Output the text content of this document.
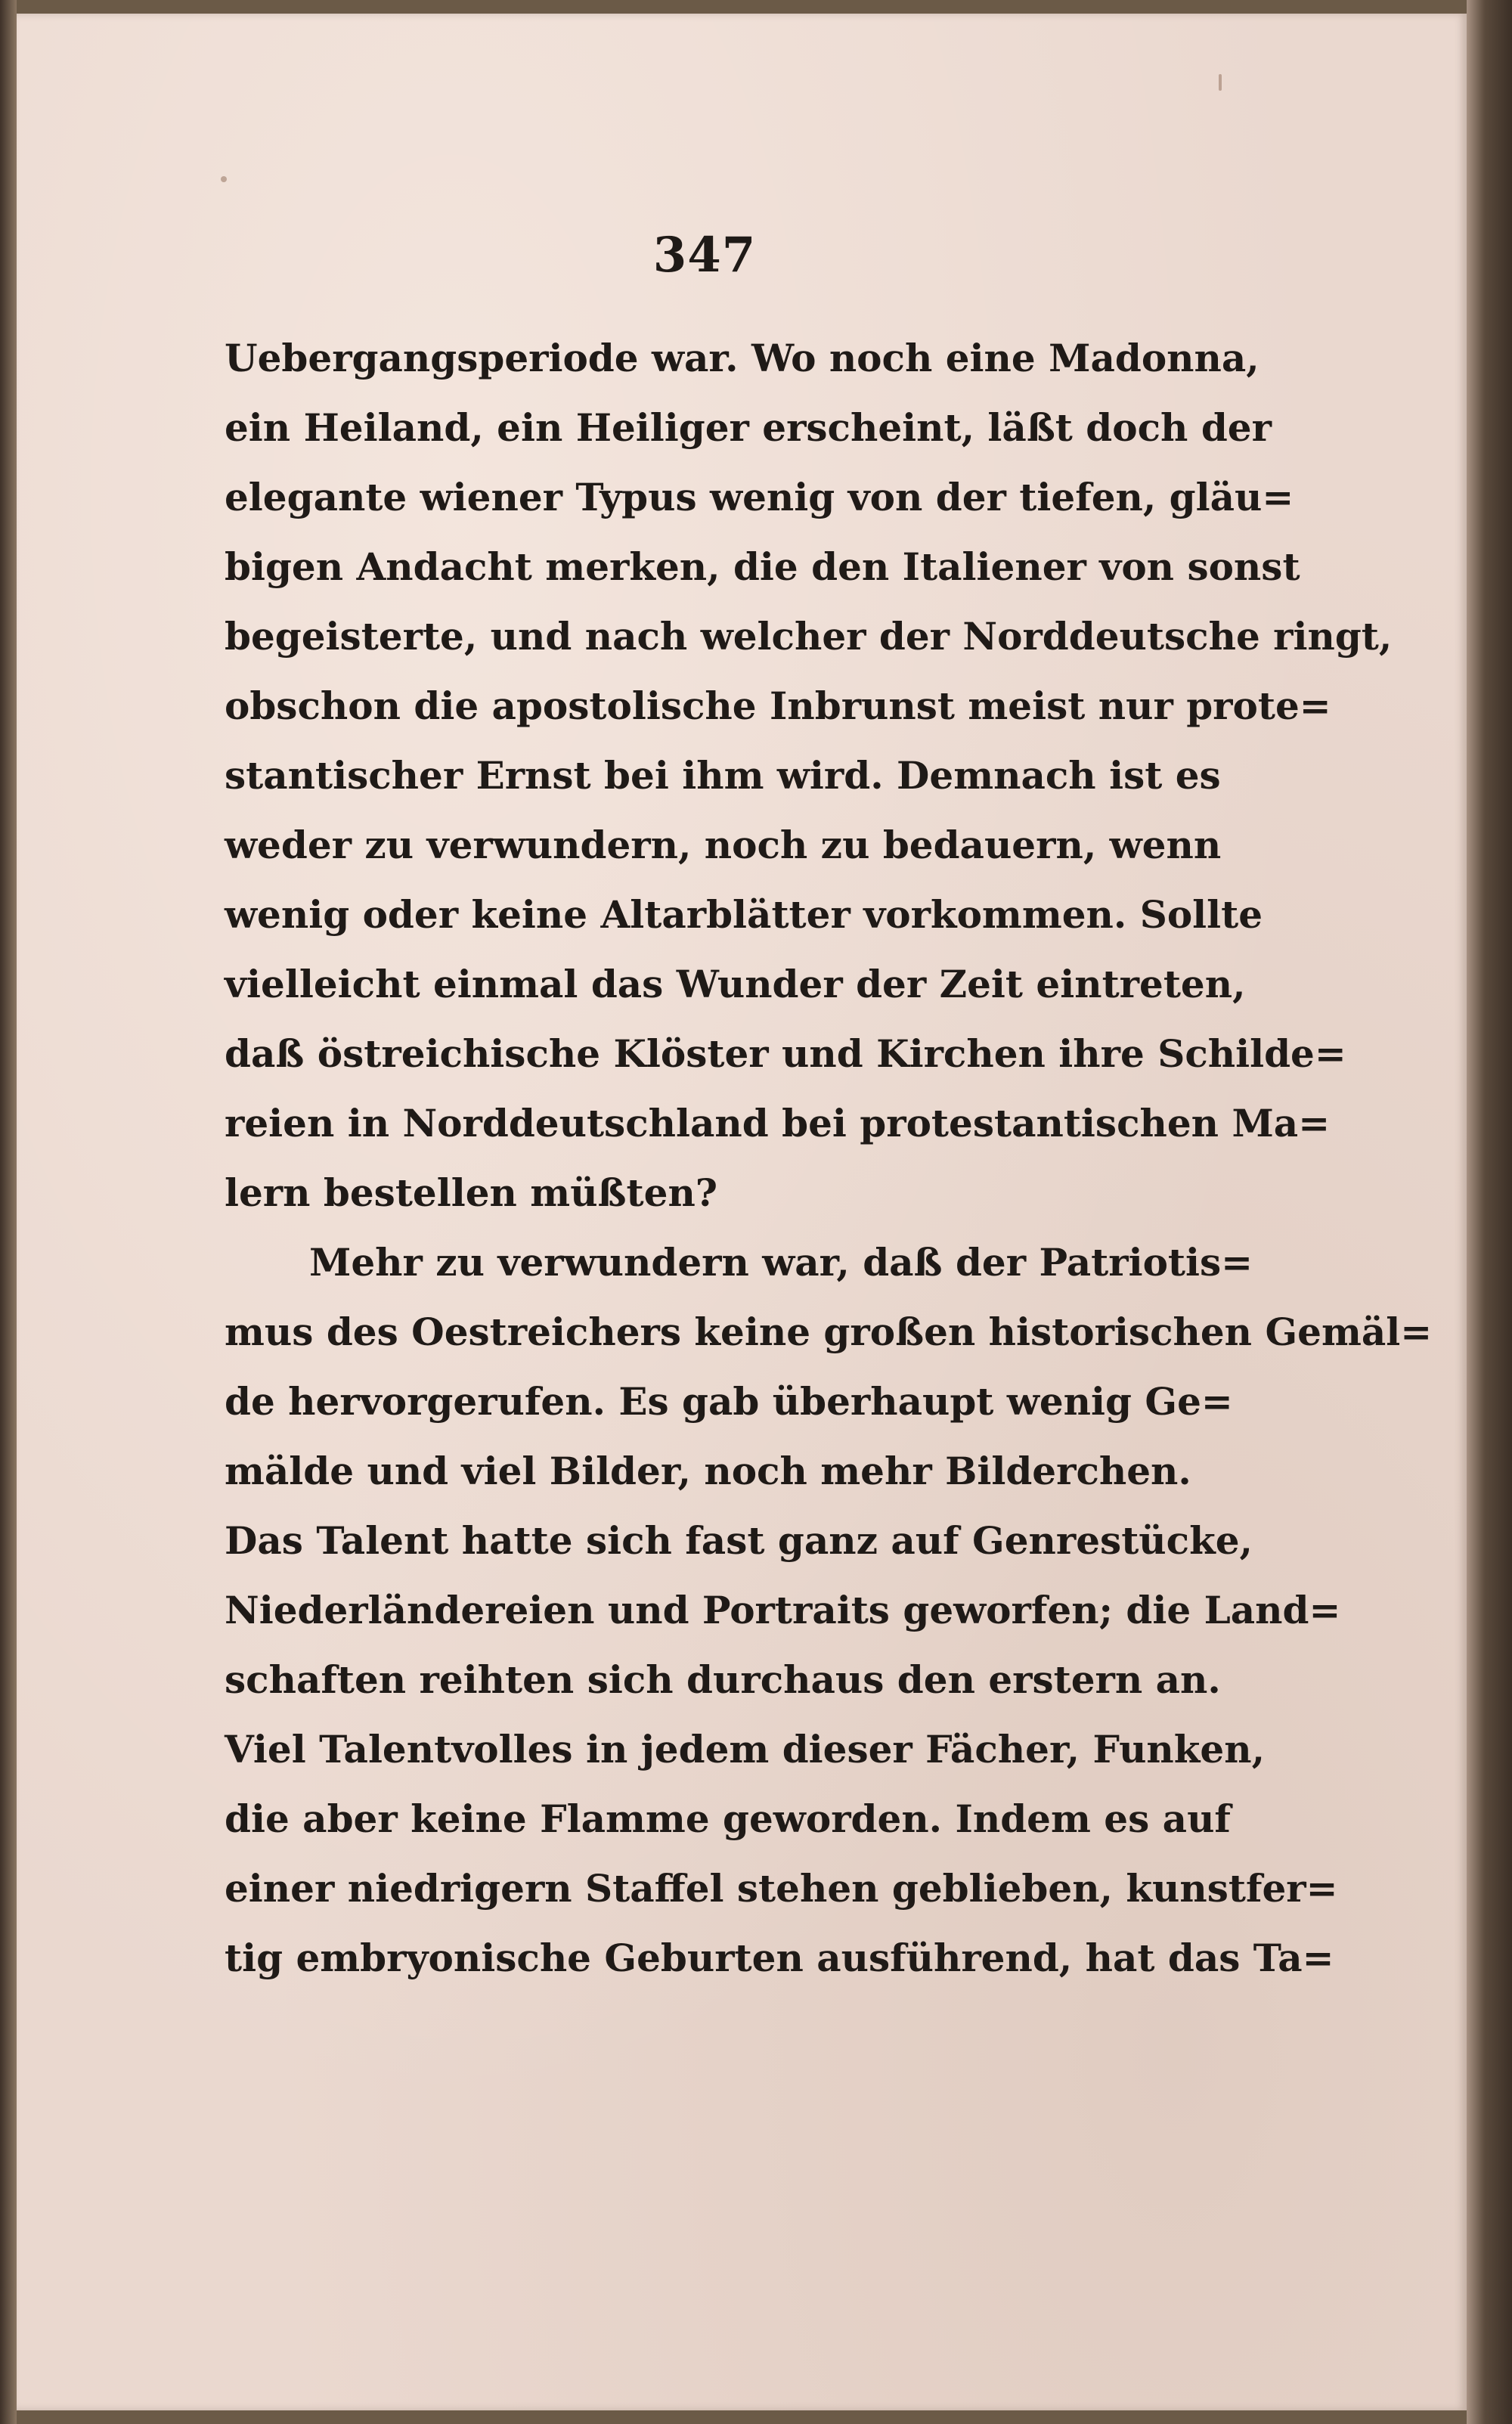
347
Uebergangsperiode war. Wo noch eine Madonna,
ein Heiland, ein Heiliger erscheint, läßt doch der
elegante wiener Typus wenig von der tiefen, gläu=
bigen Andacht merken, die den Italiener von sonst
begeisterte, und nach welcher der Norddeutsche ringt,
obschon die apostolische Inbrunst meist nur prote=
stantischer Ernst bei ihm wird. Demnach ist es
weder zu verwundern, noch zu bedauern, wenn
wenig oder keine Altarblätter vorkommen. Sollte
vielleicht einmal das Wunder der Zeit eintreten,
daß östreichische Klöster und Kirchen ihre Schilde=
reien in Norddeutschland bei protestantischen Ma=
lern bestellen müßten?
Mehr zu verwundern war, daß der Patriotis=
mus des Oestreichers keine großen historischen Gemäl=
de hervorgerufen. Es gab überhaupt wenig Ge=
mälde und viel Bilder, noch mehr Bilderchen.
Das Talent hatte sich fast ganz auf Genrestücke,
Niederländereien und Portraits geworfen; die Land=
schaften reihten sich durchaus den erstern an.
Viel Talentvolles in jedem dieser Fächer, Funken,
die aber keine Flamme geworden. Indem es auf
einer niedrigern Staffel stehen geblieben, kunstfer=
tig embryonische Geburten ausführend, hat das Ta=
